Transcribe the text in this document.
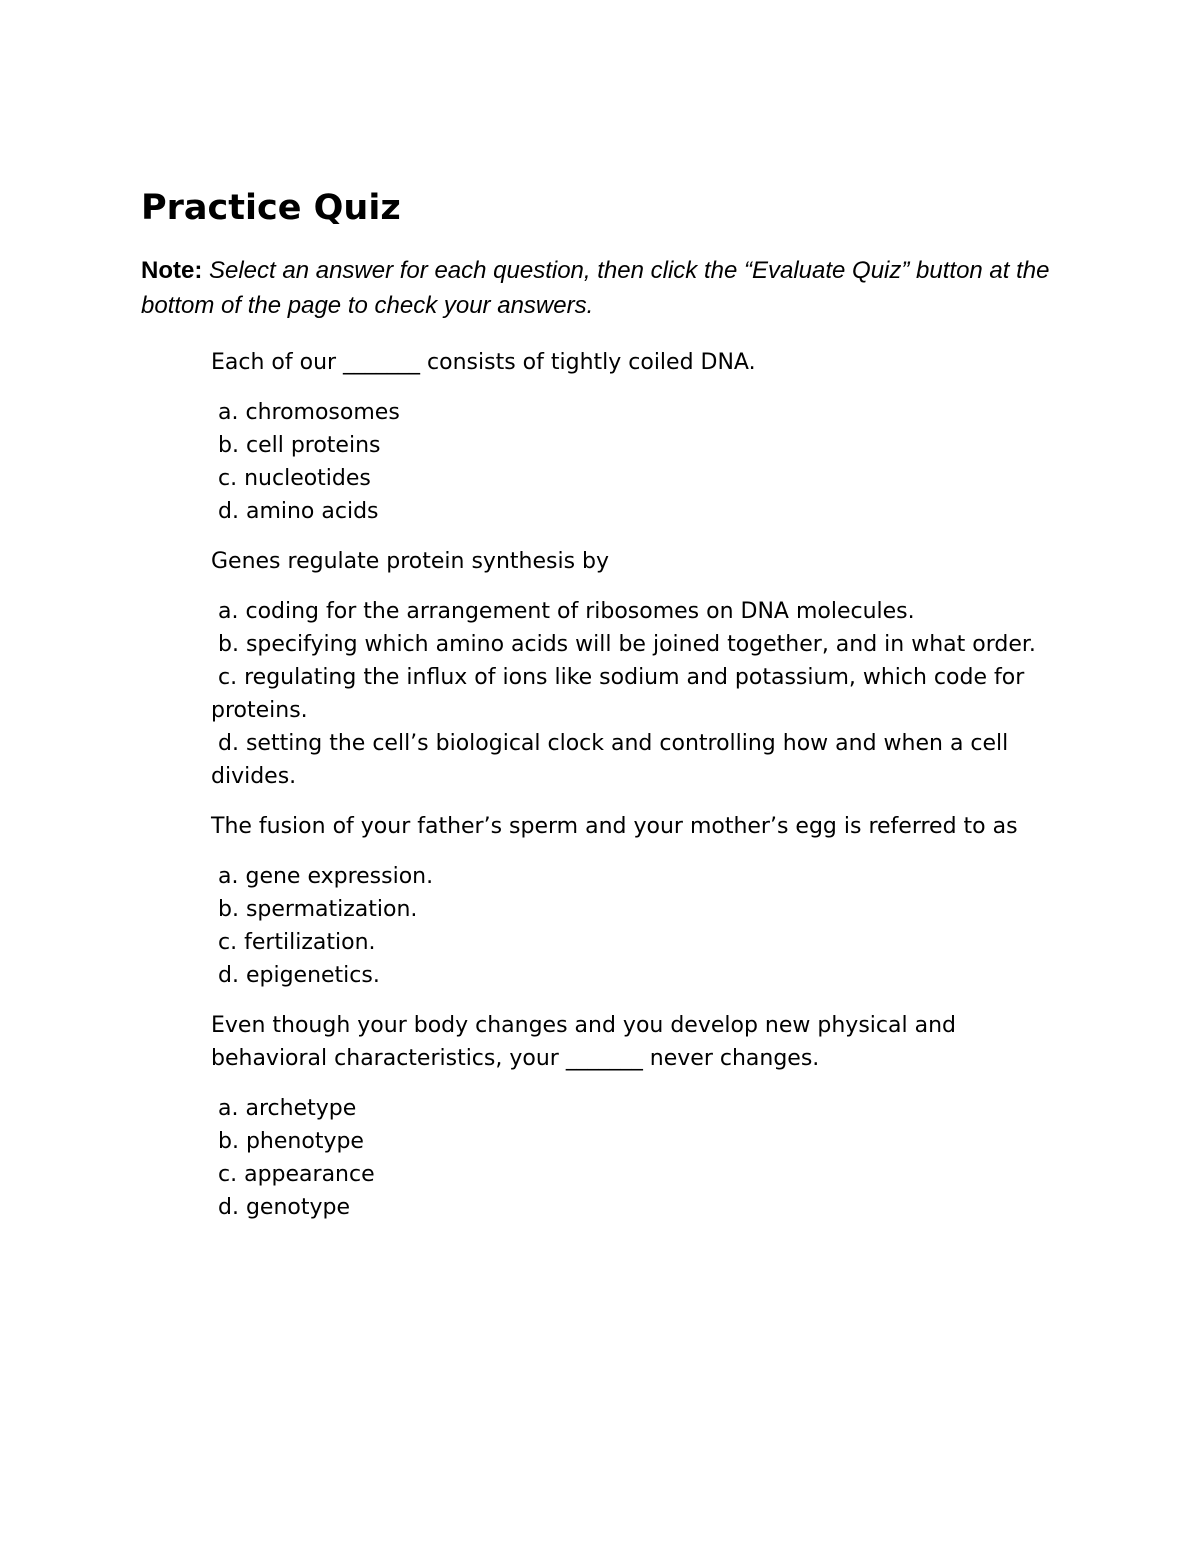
Practice Quiz

Note: Select an answer for each question, then click the “Evaluate Quiz” button at the bottom of the page to check your answers.

Each of our _______ consists of tightly coiled DNA.

a. chromosomes
b. cell proteins
c. nucleotides
d. amino acids

Genes regulate protein synthesis by

a. coding for the arrangement of ribosomes on DNA molecules.
b. specifying which amino acids will be joined together, and in what order.
c. regulating the influx of ions like sodium and potassium, which code for proteins.
d. setting the cell’s biological clock and controlling how and when a cell divides.

The fusion of your father’s sperm and your mother’s egg is referred to as

a. gene expression.
b. spermatization.
c. fertilization.
d. epigenetics.

Even though your body changes and you develop new physical and behavioral characteristics, your _______ never changes.

a. archetype
b. phenotype
c. appearance
d. genotype
